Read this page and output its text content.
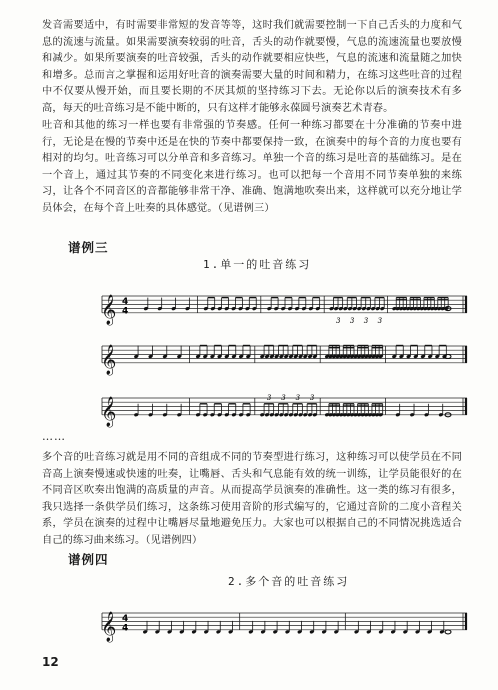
发音需要适中，有时需要非常短的发音等等，这时我们就需要控制一下自己舌头的力度和气息的流速与流量。如果需要演奏较弱的吐音，舌头的动作就要慢，气息的流速流量也要放慢和减少。如果所要演奏的吐音较强，舌头的动作就要相应快些，气息的流速和流量随之加快和增多。总而言之掌握和运用好吐音的演奏需要大量的时间和精力，在练习这些吐音的过程中不仅要从慢开始，而且要长期的不厌其烦的坚持练习下去。无论你以后的演奏技术有多高，每天的吐音练习是不能中断的，只有这样才能够永葆圆号演奏艺术青春。

吐音和其他的练习一样也要有非常强的节奏感。任何一种练习都要在十分准确的节奏中进行，无论是在慢的节奏中还是在快的节奏中都要保持一致，在演奏中的每个音的力度也要有相对的均匀。吐音练习可以分单音和多音练习。单独一个音的练习是吐音的基础练习。是在一个音上，通过其节奏的不同变化来进行练习。也可以把每一个音用不同节奏单独的来练习，让各个不同音区的音都能够非常干净、准确、饱满地吹奏出来，这样就可以充分地让学员体会，在每个音上吐奏的具体感觉。（见谱例三）

谱例三
1.单一的吐音练习
𝄞 4
4
3 3 3 3
𝄞
𝄞	3 3 3 3
……

多个音的吐音练习就是用不同的音组成不同的节奏型进行练习，这种练习可以使学员在不同音高上演奏慢速或快速的吐奏，让嘴唇、舌头和气息能有效的统一训练，让学员能很好的在不同音区吹奏出饱满的高质量的声音。从而提高学员演奏的准确性。这一类的练习有很多，我只选择一条供学员们练习，这条练习使用音阶的形式编写的，它通过音阶的二度小音程关系，学员在演奏的过程中让嘴唇尽量地避免压力。大家也可以根据自己的不同情况挑选适合自己的练习曲来练习。（见谱例四）

谱例四
2.多个音的吐音练习
𝄞 4
4
12
